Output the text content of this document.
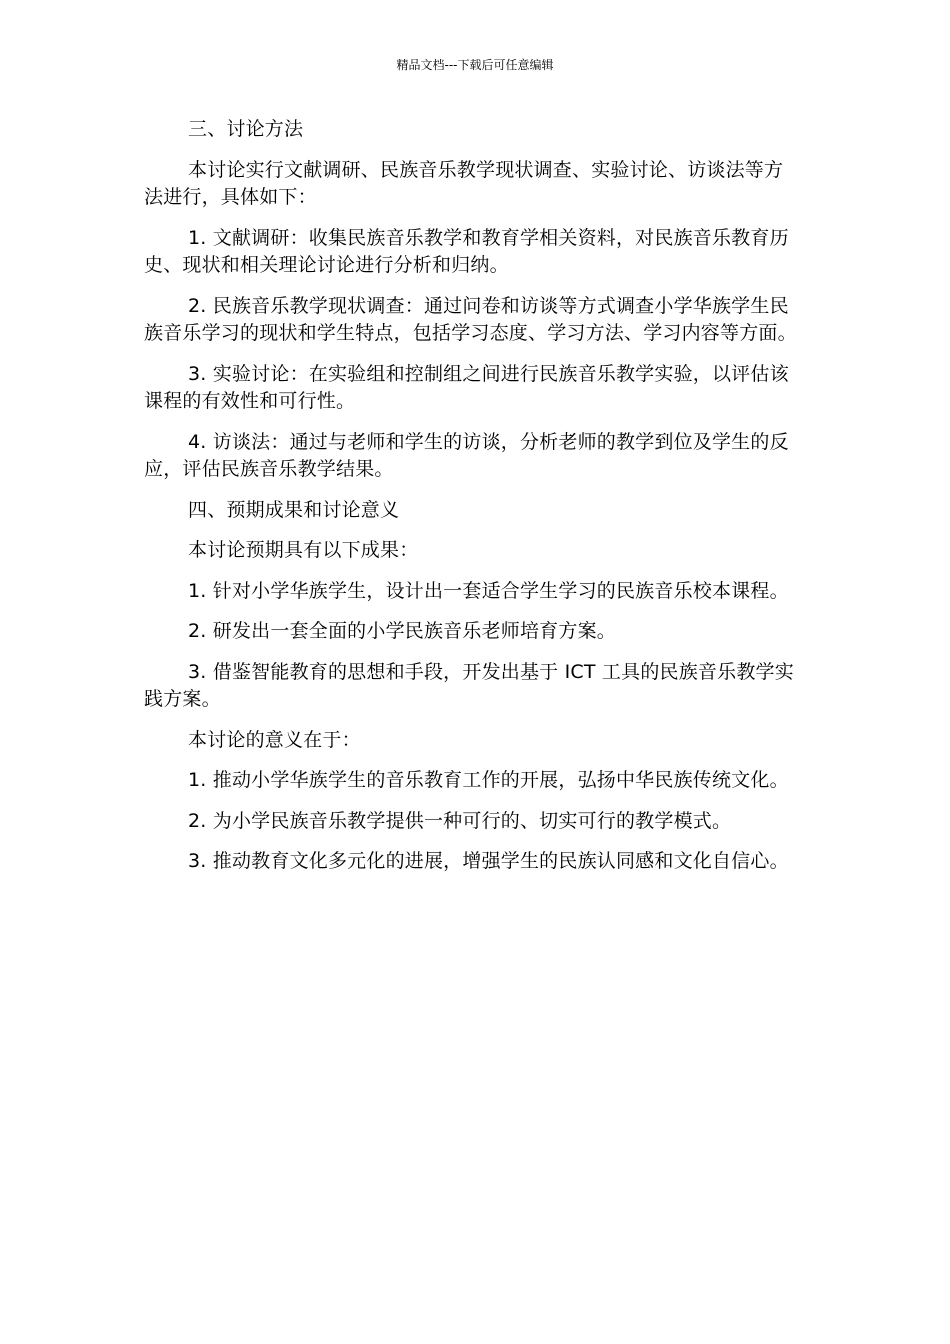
精品文档---下载后可任意编辑

三、讨论方法

本讨论实行文献调研、民族音乐教学现状调查、实验讨论、访谈法等方法进行，具体如下：

1. 文献调研：收集民族音乐教学和教育学相关资料，对民族音乐教育历史、现状和相关理论讨论进行分析和归纳。

2. 民族音乐教学现状调查：通过问卷和访谈等方式调查小学华族学生民族音乐学习的现状和学生特点，包括学习态度、学习方法、学习内容等方面。

3. 实验讨论：在实验组和控制组之间进行民族音乐教学实验，以评估该课程的有效性和可行性。

4. 访谈法：通过与老师和学生的访谈，分析老师的教学到位及学生的反应，评估民族音乐教学结果。

四、预期成果和讨论意义

本讨论预期具有以下成果：

1. 针对小学华族学生，设计出一套适合学生学习的民族音乐校本课程。

2. 研发出一套全面的小学民族音乐老师培育方案。

3. 借鉴智能教育的思想和手段，开发出基于 ICT 工具的民族音乐教学实践方案。

本讨论的意义在于：

1. 推动小学华族学生的音乐教育工作的开展，弘扬中华民族传统文化。

2. 为小学民族音乐教学提供一种可行的、切实可行的教学模式。

3. 推动教育文化多元化的进展，增强学生的民族认同感和文化自信心。
